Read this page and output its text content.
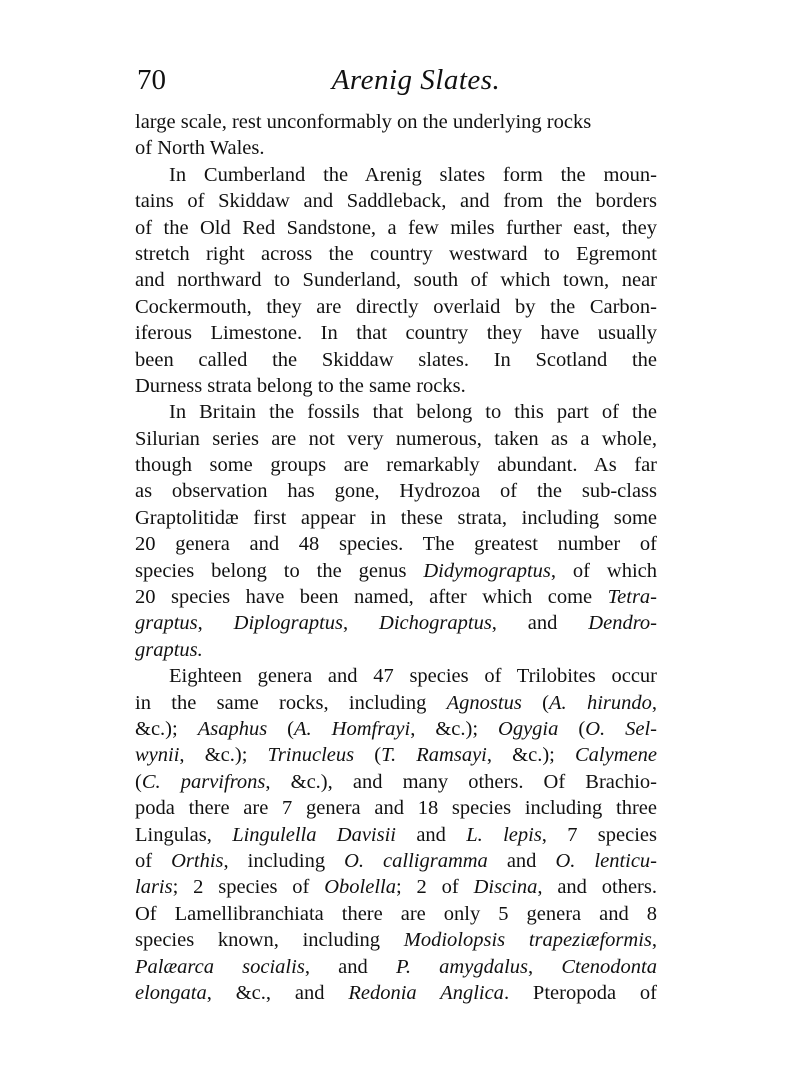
70	Arenig Slates.
large scale, rest unconformably on the underlying rocks
of North Wales.
In Cumberland the Arenig slates form the moun-
tains of Skiddaw and Saddleback, and from the borders
of the Old Red Sandstone, a few miles further east, they
stretch right across the country westward to Egremont
and northward to Sunderland, south of which town, near
Cockermouth, they are directly overlaid by the Carbon-
iferous Limestone. In that country they have usually
been called the Skiddaw slates. In Scotland the
Durness strata belong to the same rocks.
In Britain the fossils that belong to this part of the
Silurian series are not very numerous, taken as a whole,
though some groups are remarkably abundant. As far
as observation has gone, Hydrozoa of the sub-class
Graptolitidæ first appear in these strata, including some
20 genera and 48 species. The greatest number of
species belong to the genus Didymograptus, of which
20 species have been named, after which come Tetra-
graptus, Diplograptus, Dichograptus, and Dendro-
graptus.
Eighteen genera and 47 species of Trilobites occur
in the same rocks, including Agnostus (A. hirundo,
&c.); Asaphus (A. Homfrayi, &c.); Ogygia (O. Sel-
wynii, &c.); Trinucleus (T. Ramsayi, &c.); Calymene
(C. parvifrons, &c.), and many others. Of Brachio-
poda there are 7 genera and 18 species including three
Lingulas, Lingulella Davisii and L. lepis, 7 species
of Orthis, including O. calligramma and O. lenticu-
laris; 2 species of Obolella; 2 of Discina, and others.
Of Lamellibranchiata there are only 5 genera and 8
species known, including Modiolopsis trapeziæformis,
Palæarca socialis, and P. amygdalus, Ctenodonta
elongata, &c., and Redonia Anglica. Pteropoda of
